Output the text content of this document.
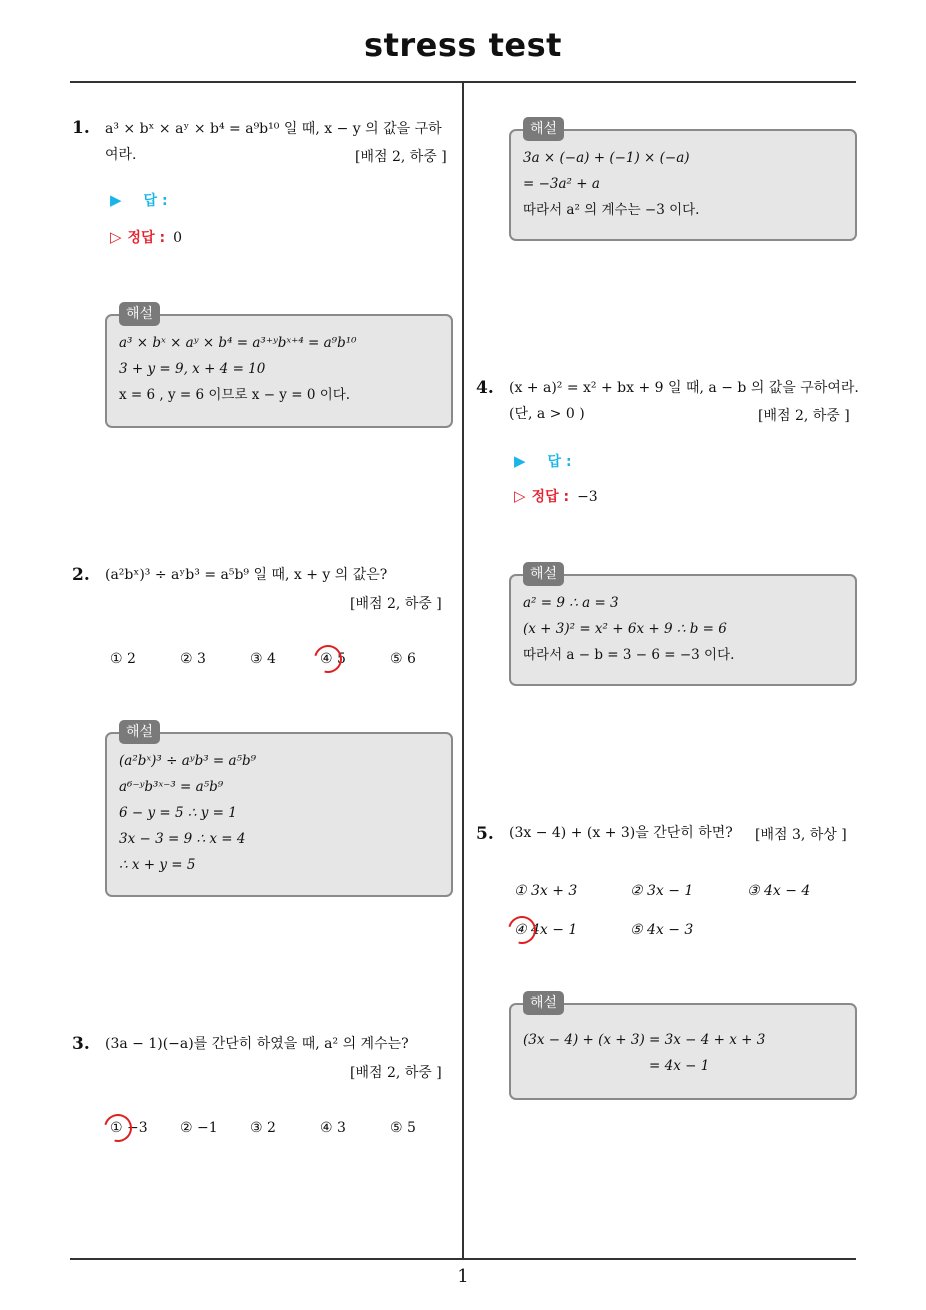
stress test
1
1. a³ × bˣ × aʸ × b⁴ = a⁹b¹⁰ 일 때, x − y 의 값을 구하
여라.	[배점 2, 하중 ]
▶ 답 :
▷ 정답 : 0
해설
a³ × bˣ × aʸ × b⁴ = a³⁺ʸbˣ⁺⁴ = a⁹b¹⁰
3 + y = 9, x + 4 = 10
x = 6 , y = 6 이므로 x − y = 0 이다.
2. (a²bˣ)³ ÷ aʸb³ = a⁵b⁹ 일 때, x + y 의 값은?
[배점 2, 하중 ]
① 2	② 3	③ 4	④ 5	⑤ 6
해설
(a²bˣ)³ ÷ aʸb³ = a⁵b⁹
a⁶⁻ʸb³ˣ⁻³ = a⁵b⁹
6 − y = 5 ∴ y = 1
3x − 3 = 9 ∴ x = 4
∴ x + y = 5
3. (3a − 1)(−a)를 간단히 하였을 때, a² 의 계수는?
[배점 2, 하중 ]
① −3 ② −1 ③ 2	④ 3	⑤ 5
해설
3a × (−a) + (−1) × (−a)
= −3a² + a
따라서 a² 의 계수는 −3 이다.
4. (x + a)² = x² + bx + 9 일 때, a − b 의 값을 구하여라.
(단, a > 0 )	[배점 2, 하중 ]
▶ 답 :
▷ 정답 : −3
해설
a² = 9 ∴ a = 3
(x + 3)² = x² + 6x + 9 ∴ b = 6
따라서 a − b = 3 − 6 = −3 이다.
5. (3x − 4) + (x + 3)을 간단히 하면? [배점 3, 하상 ]
① 3x + 3	② 3x − 1	③ 4x − 4
④ 4x − 1	⑤ 4x − 3
해설
(3x − 4) + (x + 3) = 3x − 4 + x + 3
= 4x − 1
